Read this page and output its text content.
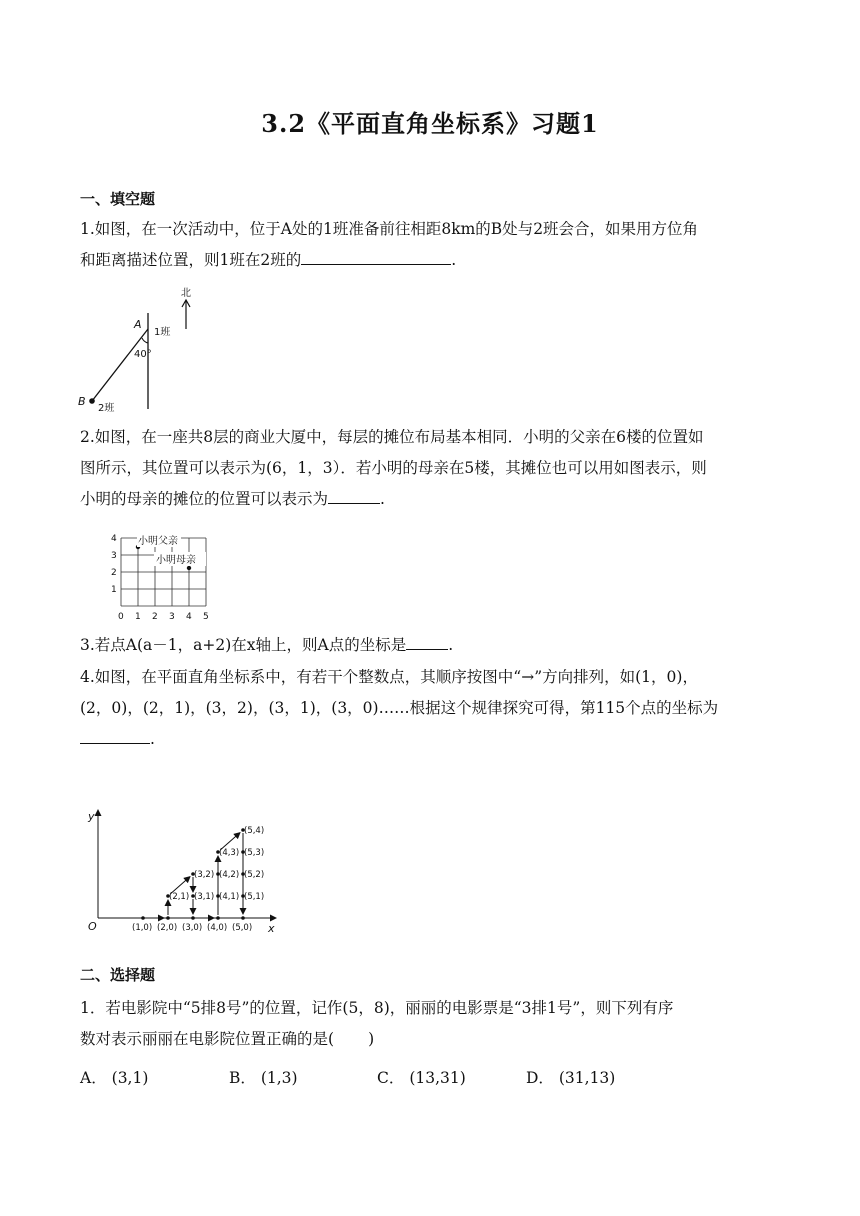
3.2《平面直角坐标系》习题1
一、填空题
1.如图，在一次活动中，位于A处的1班准备前往相距8km的B处与2班会合，如果用方位角
和距离描述位置，则1班在2班的	.
北
A
1班
40°
B
2班
2.如图，在一座共8层的商业大厦中，每层的摊位布局基本相同．小明的父亲在6楼的位置如
图所示，其位置可以表示为(6，1，3）．若小明的母亲在5楼，其摊位也可以用如图表示，则
小明的母亲的摊位的位置可以表示为	.
0 1 2 3 4 5
1
2
3
4 小明父亲
小明母亲
3.若点A(a－1，a+2)在x轴上，则A点的坐标是	.
4.如图，在平面直角坐标系中，有若干个整数点，其顺序按图中“→”方向排列，如(1，0)，
(2，0)，(2，1)，(3，2)，(3，1)，(3，0)……根据这个规律探究可得，第115个点的坐标为
.
y
x
O	(1,0) (2,0) (3,0) (4,0) (5,0)
(2,1)
(3,2)
(3,1)
(4,3)
(4,2)
(4,1)
(5,4)
(5,3)
(5,2)
(5,1)
二、选择题
1．若电影院中“5排8号”的位置，记作(5，8)，丽丽的电影票是“3排1号”，则下列有序
数对表示丽丽在电影院位置正确的是( )
A． (3,1)	B． (1,3)	C． (13,31)	D． (31,13)
